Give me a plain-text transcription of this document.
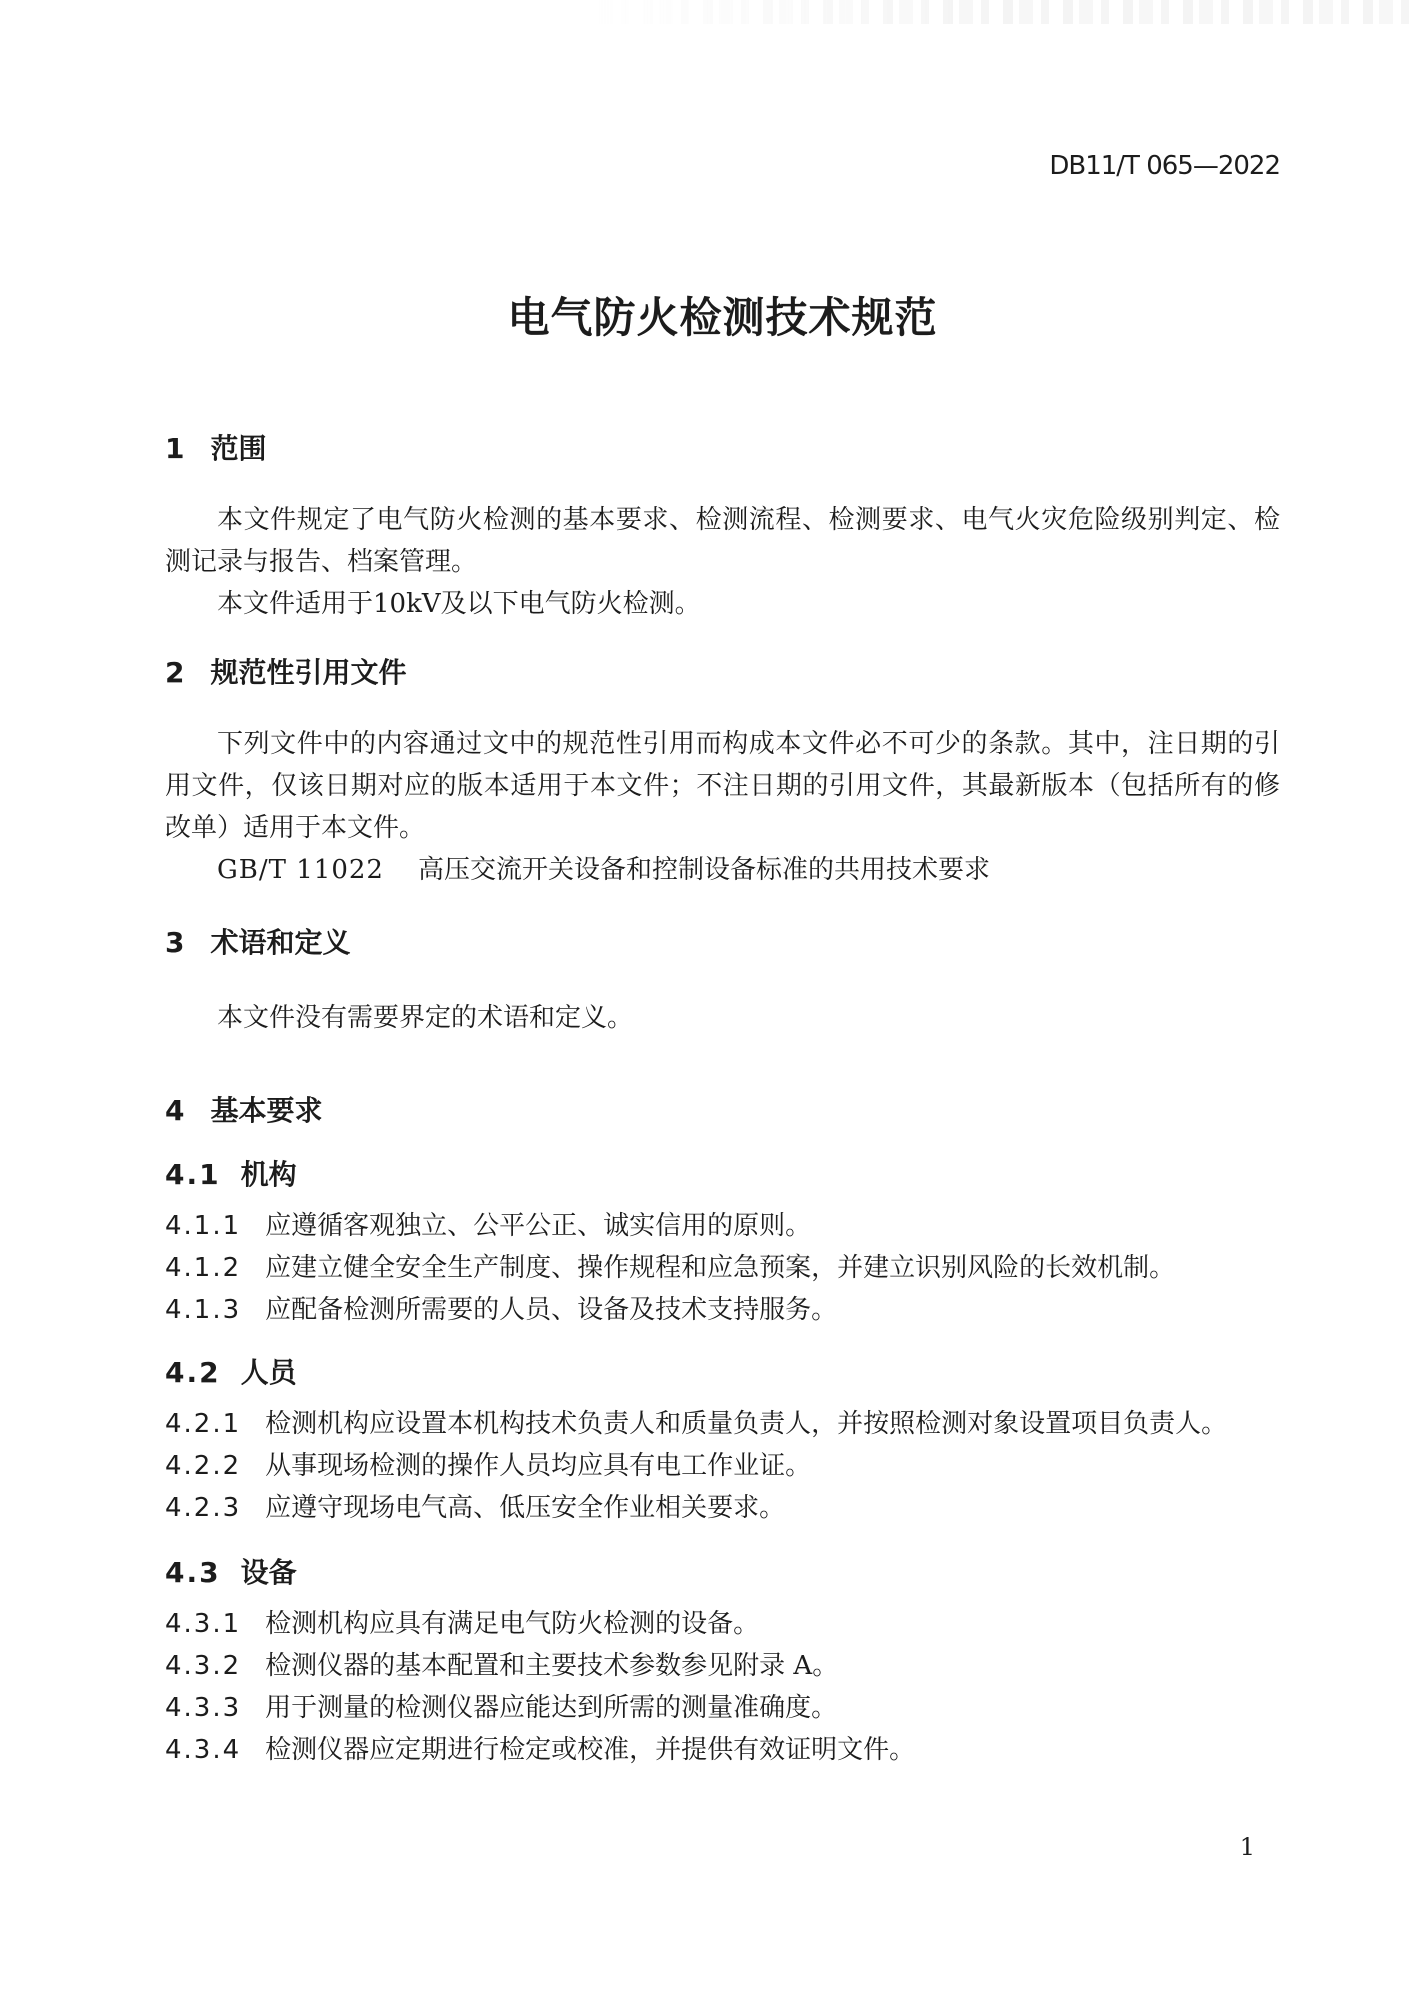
DB11/T 065—2022
电气防火检测技术规范
1 范围

本文件规定了电气防火检测的基本要求、检测流程、检测要求、电气火灾危险级别判定、检测记录与报告、档案管理。

本文件适用于10kV及以下电气防火检测。

2 规范性引用文件

下列文件中的内容通过文中的规范性引用而构成本文件必不可少的条款。其中，注日期的引用文件，仅该日期对应的版本适用于本文件；不注日期的引用文件，其最新版本（包括所有的修改单）适用于本文件。

GB/T 11022 高压交流开关设备和控制设备标准的共用技术要求

3 术语和定义

本文件没有需要界定的术语和定义。

4 基本要求
4.1 机构
4.1.1 应遵循客观独立、公平公正、诚实信用的原则。
4.1.2 应建立健全安全生产制度、操作规程和应急预案，并建立识别风险的长效机制。
4.1.3 应配备检测所需要的人员、设备及技术支持服务。
4.2 人员
4.2.1 检测机构应设置本机构技术负责人和质量负责人，并按照检测对象设置项目负责人。
4.2.2 从事现场检测的操作人员均应具有电工作业证。
4.2.3 应遵守现场电气高、低压安全作业相关要求。
4.3 设备
4.3.1 检测机构应具有满足电气防火检测的设备。
4.3.2 检测仪器的基本配置和主要技术参数参见附录 A。
4.3.3 用于测量的检测仪器应能达到所需的测量准确度。
4.3.4 检测仪器应定期进行检定或校准，并提供有效证明文件。
1
